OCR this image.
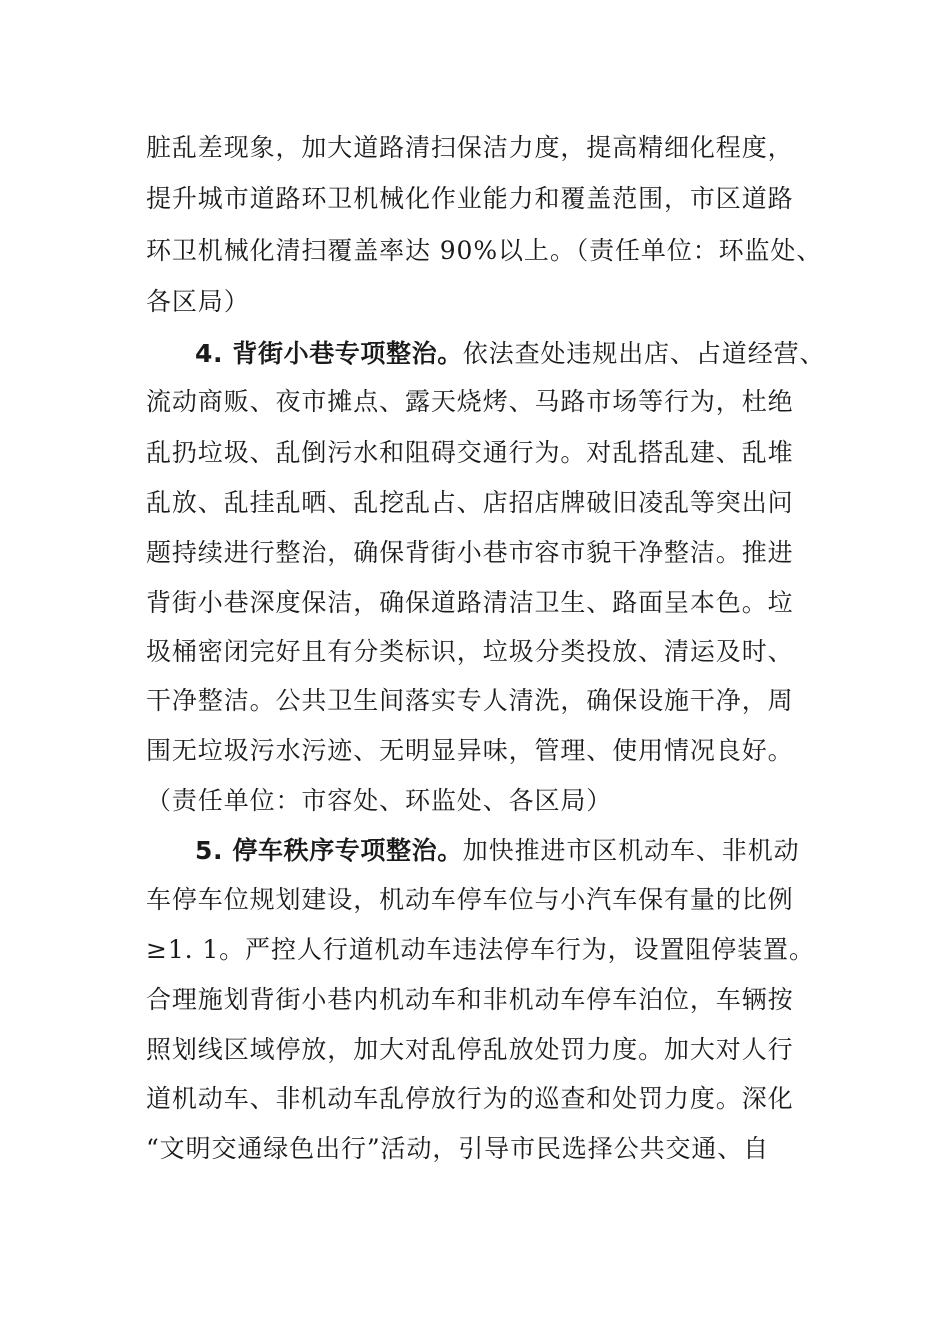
脏乱差现象，加大道路清扫保洁力度，提高精细化程度，
提升城市道路环卫机械化作业能力和覆盖范围，市区道路
环卫机械化清扫覆盖率达 90%以上。（责任单位：环监处、
各区局）
4. 背街小巷专项整治。依法查处违规出店、占道经营、
流动商贩、夜市摊点、露天烧烤、马路市场等行为，杜绝
乱扔垃圾、乱倒污水和阻碍交通行为。对乱搭乱建、乱堆
乱放、乱挂乱晒、乱挖乱占、店招店牌破旧凌乱等突出问
题持续进行整治，确保背街小巷市容市貌干净整洁。推进
背街小巷深度保洁，确保道路清洁卫生、路面呈本色。垃
圾桶密闭完好且有分类标识，垃圾分类投放、清运及时、
干净整洁。公共卫生间落实专人清洗，确保设施干净，周
围无垃圾污水污迹、无明显异味，管理、使用情况良好。
（责任单位：市容处、环监处、各区局）
5. 停车秩序专项整治。加快推进市区机动车、非机动
车停车位规划建设，机动车停车位与小汽车保有量的比例
≥1. 1。严控人行道机动车违法停车行为，设置阻停装置。
合理施划背街小巷内机动车和非机动车停车泊位，车辆按
照划线区域停放，加大对乱停乱放处罚力度。加大对人行
道机动车、非机动车乱停放行为的巡查和处罚力度。深化
“文明交通绿色出行”活动，引导市民选择公共交通、自
